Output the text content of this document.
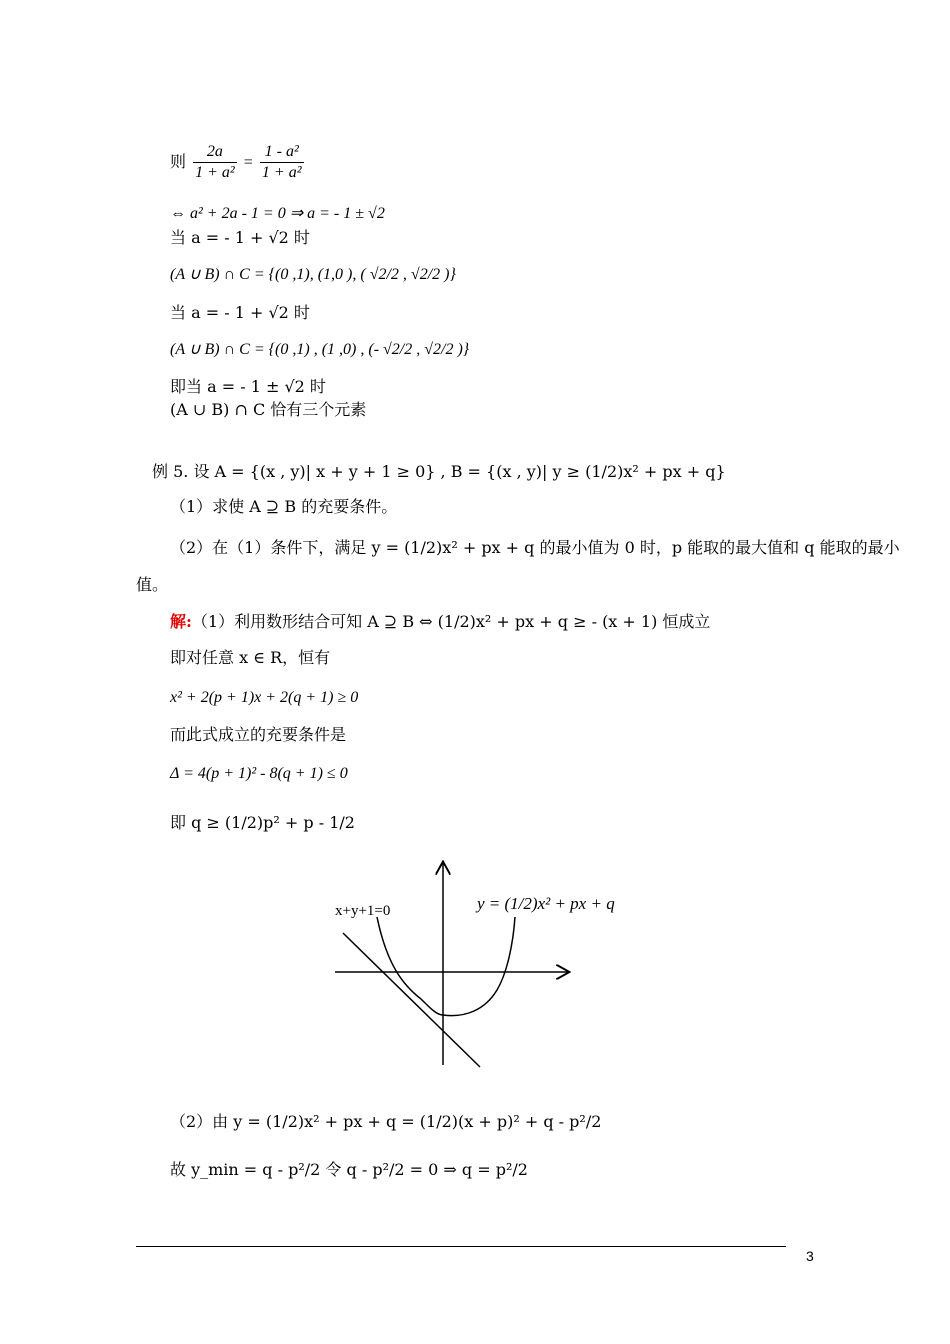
则 $\frac{2a}{\text{1 + a²}} = \frac{\text{1 - a²}}{\text{1 + a²}}$
⇔ a² + 2a - 1 = 0 ⇒ a = - 1 ± √2
当 a = - 1 + √2 时
(A ∪ B) ∩ C = {(0 ,1), (1,0 ), ( √2/2 , √2/2 )}
当 a = - 1 + √2 时
(A ∪ B) ∩ C = {(0 ,1) , (1 ,0) , (- √2/2 , √2/2 )}
即当 a = - 1 ± √2 时
(A ∪ B) ∩ C 恰有三个元素
例 5. 设 A = {(x , y)| x + y + 1 ≥ 0} , B = {(x , y)| y ≥ (1/2)x² + px + q}
（1）求使 A ⊇ B 的充要条件。
（2）在（1）条件下，满足 y = (1/2)x² + px + q 的最小值为 0 时，p 能取的最大值和 q 能取的最小
值。
解:（1）利用数形结合可知 A ⊇ B ⇔ (1/2)x² + px + q ≥ - (x + 1) 恒成立
即对任意 x ∈ R，恒有
x² + 2(p + 1)x + 2(q + 1) ≥ 0
而此式成立的充要条件是
Δ = 4(p + 1)² - 8(q + 1) ≤ 0
即 q ≥ (1/2)p² + p - 1/2
x+y+1=0	y = (1/2)x² + px + q
（2）由 y = (1/2)x² + px + q = (1/2)(x + p)² + q - p²/2
故 y_min = q - p²/2 令 q - p²/2 = 0 ⇒ q = p²/2
3
